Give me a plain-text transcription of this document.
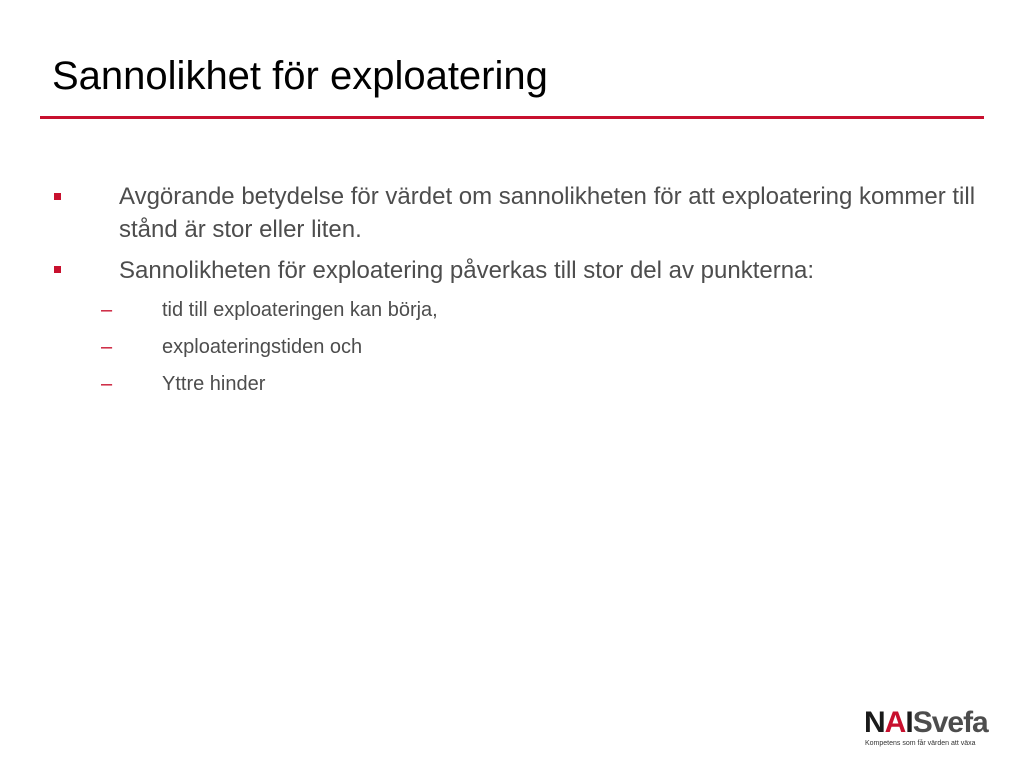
Sannolikhet för exploatering
Avgörande betydelse för värdet om sannolikheten för att exploatering kommer till stånd är stor eller liten.
Sannolikheten för exploatering påverkas till stor del av punkterna:
– tid till exploateringen kan börja,
– exploateringstiden och
– Yttre hinder
NAISvefa
Kompetens som får värden att växa
